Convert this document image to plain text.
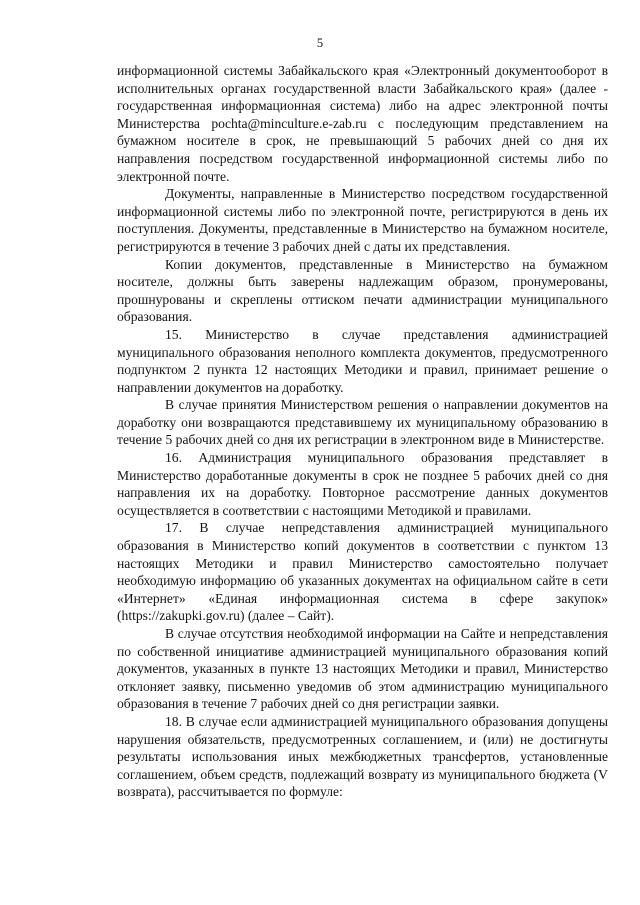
5

информационной системы Забайкальского края «Электронный документооборот в исполнительных органах государственной власти Забайкальского края» (далее - государственная информационная система) либо на адрес электронной почты Министерства pochta@minculture.e-zab.ru с последующим представлением на бумажном носителе в срок, не превышающий 5 рабочих дней со дня их направления посредством государственной информационной системы либо по электронной почте.

Документы, направленные в Министерство посредством государственной информационной системы либо по электронной почте, регистрируются в день их поступления. Документы, представленные в Министерство на бумажном носителе, регистрируются в течение 3 рабочих дней с даты их представления.

Копии документов, представленные в Министерство на бумажном носителе, должны быть заверены надлежащим образом, пронумерованы, прошнурованы и скреплены оттиском печати администрации муниципального образования.

15. Министерство в случае представления администрацией муниципального образования неполного комплекта документов, предусмотренного подпунктом 2 пункта 12 настоящих Методики и правил, принимает решение о направлении документов на доработку.

В случае принятия Министерством решения о направлении документов на доработку они возвращаются представившему их муниципальному образованию в течение 5 рабочих дней со дня их регистрации в электронном виде в Министерстве.

16. Администрация муниципального образования представляет в Министерство доработанные документы в срок не позднее 5 рабочих дней со дня направления их на доработку. Повторное рассмотрение данных документов осуществляется в соответствии с настоящими Методикой и правилами.

17. В случае непредставления администрацией муниципального образования в Министерство копий документов в соответствии с пунктом 13 настоящих Методики и правил Министерство самостоятельно получает необходимую информацию об указанных документах на официальном сайте в сети «Интернет» «Единая информационная система в сфере закупок» (https://zakupki.gov.ru) (далее – Сайт).

В случае отсутствия необходимой информации на Сайте и непредставления по собственной инициативе администрацией муниципального образования копий документов, указанных в пункте 13 настоящих Методики и правил, Министерство отклоняет заявку, письменно уведомив об этом администрацию муниципального образования в течение 7 рабочих дней со дня регистрации заявки.

18. В случае если администрацией муниципального образования допущены нарушения обязательств, предусмотренных соглашением, и (или) не достигнуты результаты использования иных межбюджетных трансфертов, установленные соглашением, объем средств, подлежащий возврату из муниципального бюджета (V возврата), рассчитывается по формуле:
